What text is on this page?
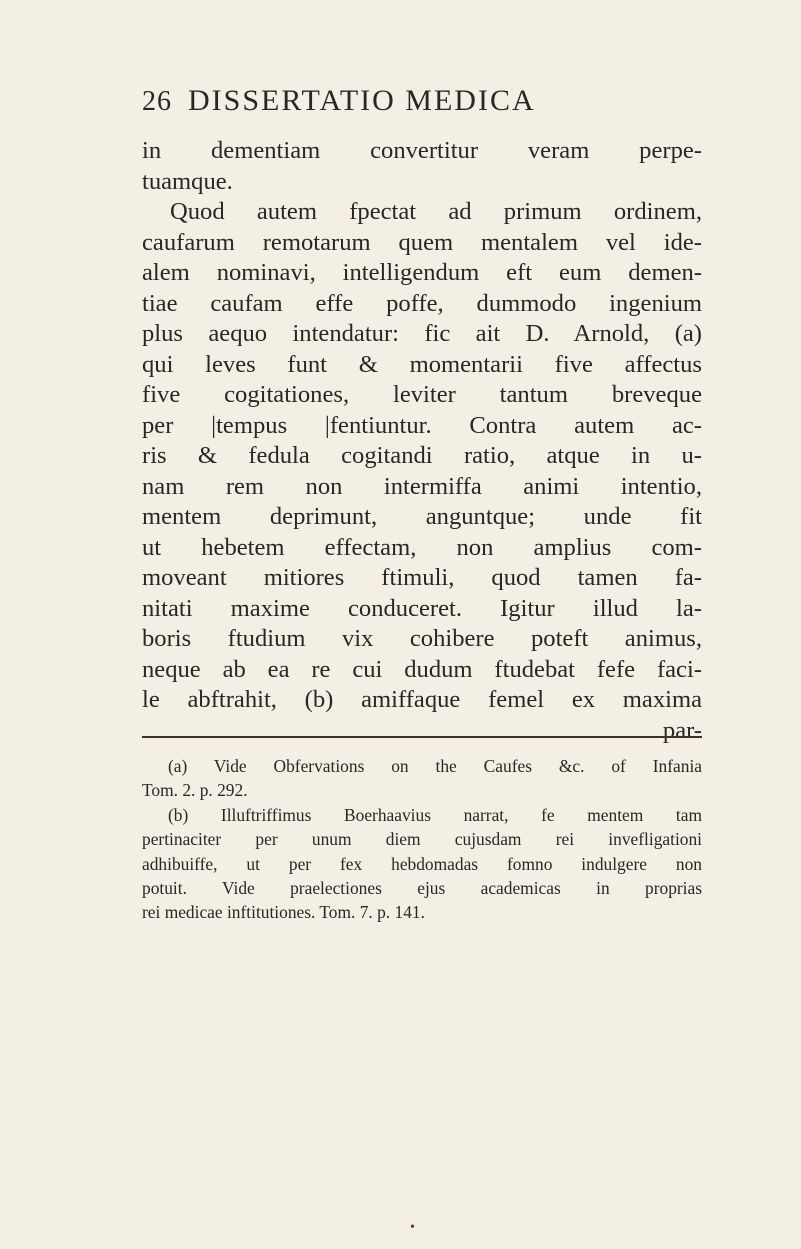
26 DISSERTATIO MEDICA
in dementiam convertitur veram perpe-
tuamque.
Quod autem fpectat ad primum ordinem,
caufarum remotarum quem mentalem vel ide-
alem nominavi, intelligendum eft eum demen-
tiae caufam effe poffe, dummodo ingenium
plus aequo intendatur: fic ait D. Arnold, (a)
qui leves funt & momentarii five affectus
five cogitationes, leviter tantum breveque
per |tempus |fentiuntur. Contra autem ac-
ris & fedula cogitandi ratio, atque in u-
nam rem non intermiffa animi intentio,
mentem deprimunt, anguntque; unde fit
ut hebetem effectam, non amplius com-
moveant mitiores ftimuli, quod tamen fa-
nitati maxime conduceret. Igitur illud la-
boris ftudium vix cohibere poteft animus,
neque ab ea re cui dudum ftudebat fefe faci-
le abftrahit, (b) amiffaque femel ex maxima
par-
(a) Vide Obfervations on the Caufes &c. of Infania
Tom. 2. p. 292.
(b) Illuftriffimus Boerhaavius narrat, fe mentem tam
pertinaciter per unum diem cujusdam rei invefligationi
adhibuiffe, ut per fex hebdomadas fomno indulgere non
potuit. Vide praelectiones ejus academicas in proprias
rei medicae inftitutiones. Tom. 7. p. 141.
•
